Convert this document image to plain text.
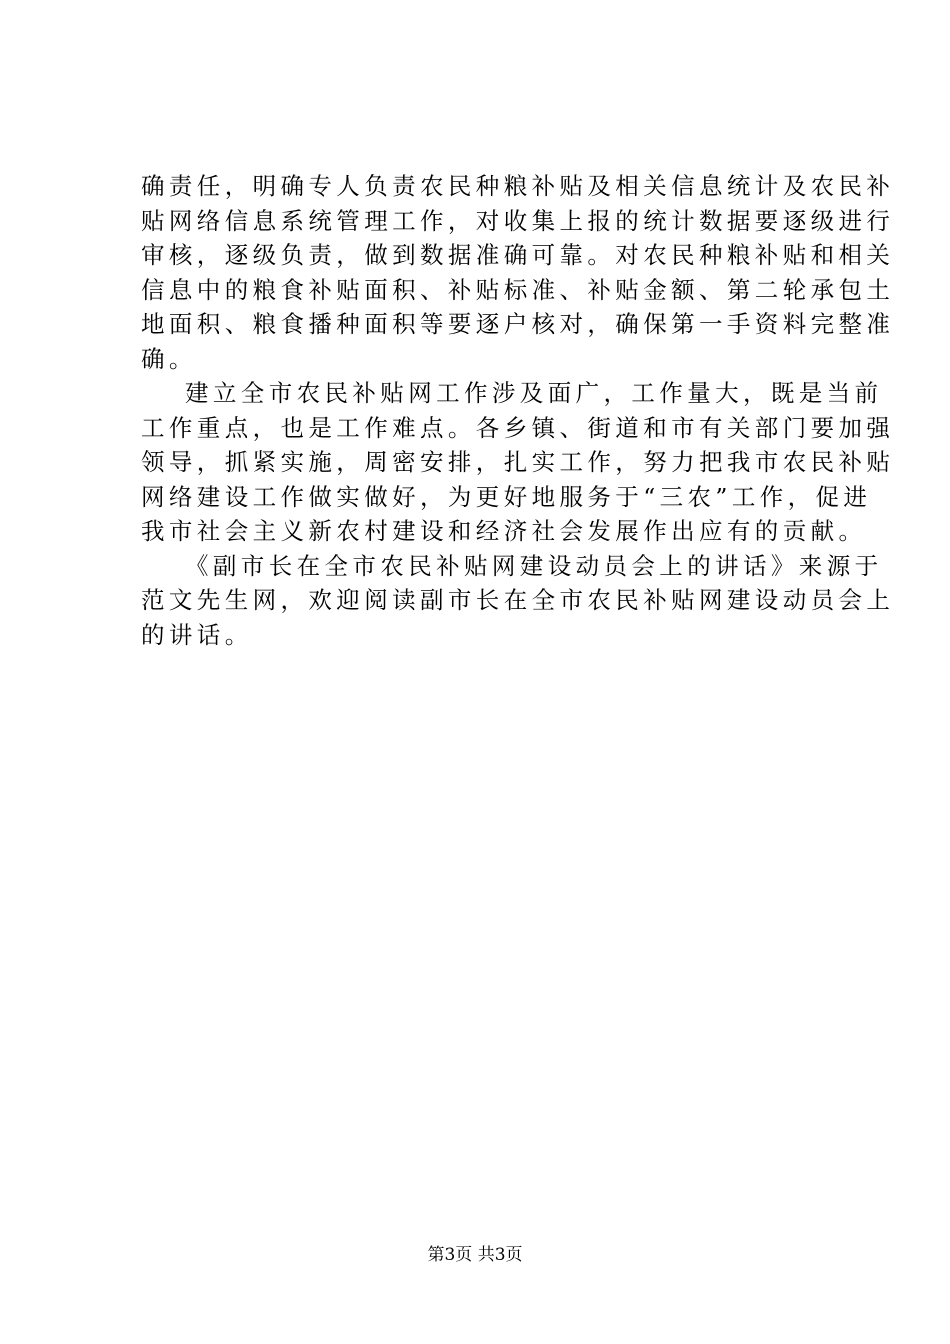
确责任，明确专人负责农民种粮补贴及相关信息统计及农民补
贴网络信息系统管理工作，对收集上报的统计数据要逐级进行
审核，逐级负责，做到数据准确可靠。对农民种粮补贴和相关
信息中的粮食补贴面积、补贴标准、补贴金额、第二轮承包土
地面积、粮食播种面积等要逐户核对，确保第一手资料完整准
确。
建立全市农民补贴网工作涉及面广，工作量大，既是当前
工作重点，也是工作难点。各乡镇、街道和市有关部门要加强
领导，抓紧实施，周密安排，扎实工作，努力把我市农民补贴
网络建设工作做实做好，为更好地服务于“三农”工作，促进
我市社会主义新农村建设和经济社会发展作出应有的贡献。
《副市长在全市农民补贴网建设动员会上的讲话》来源于
范文先生网，欢迎阅读副市长在全市农民补贴网建设动员会上
的讲话。
第3页 共3页
